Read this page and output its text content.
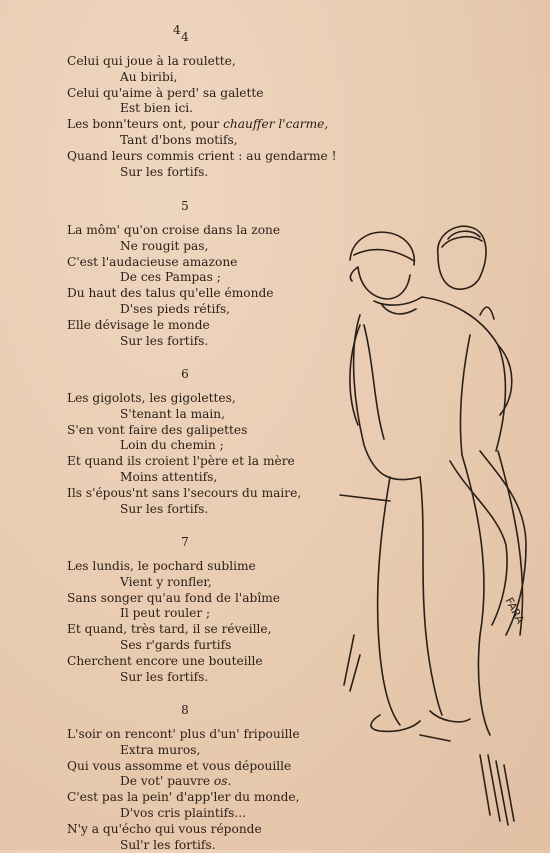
4 4
Celui qui joue à la roulette,
Au biribi,
Celui qu'aime à perd' sa galette
Est bien ici.
Les bonn'teurs ont, pour chauffer l'carme,
Tant d'bons motifs,
Quand leurs commis crient : au gendarme !
Sur les fortifs.
5
La môm' qu'on croise dans la zone
Ne rougit pas,
C'est l'audacieuse amazone
De ces Pampas ;
Du haut des talus qu'elle émonde
D'ses pieds rétifs,
Elle dévisage le monde
Sur les fortifs.
6
Les gigolots, les gigolettes,
S'tenant la main,
S'en vont faire des galipettes
Loin du chemin ;
Et quand ils croient l'père et la mère
Moins attentifs,
Ils s'épous'nt sans l'secours du maire,
Sur les fortifs.
7
Les lundis, le pochard sublime
Vient y ronfler,
Sans songer qu'au fond de l'abîme
Il peut rouler ;
Et quand, très tard, il se réveille,
Ses r'gards furtifs
Cherchent encore une bouteille
Sur les fortifs.
8
L'soir on rencont' plus d'un' fripouille
Extra muros,
Qui vous assomme et vous dépouille
De vot' pauvre os.
C'est pas la pein' d'app'ler du monde,
D'vos cris plaintifs...
N'y a qu'écho qui vous réponde
Sul'r les fortifs.
FARA
